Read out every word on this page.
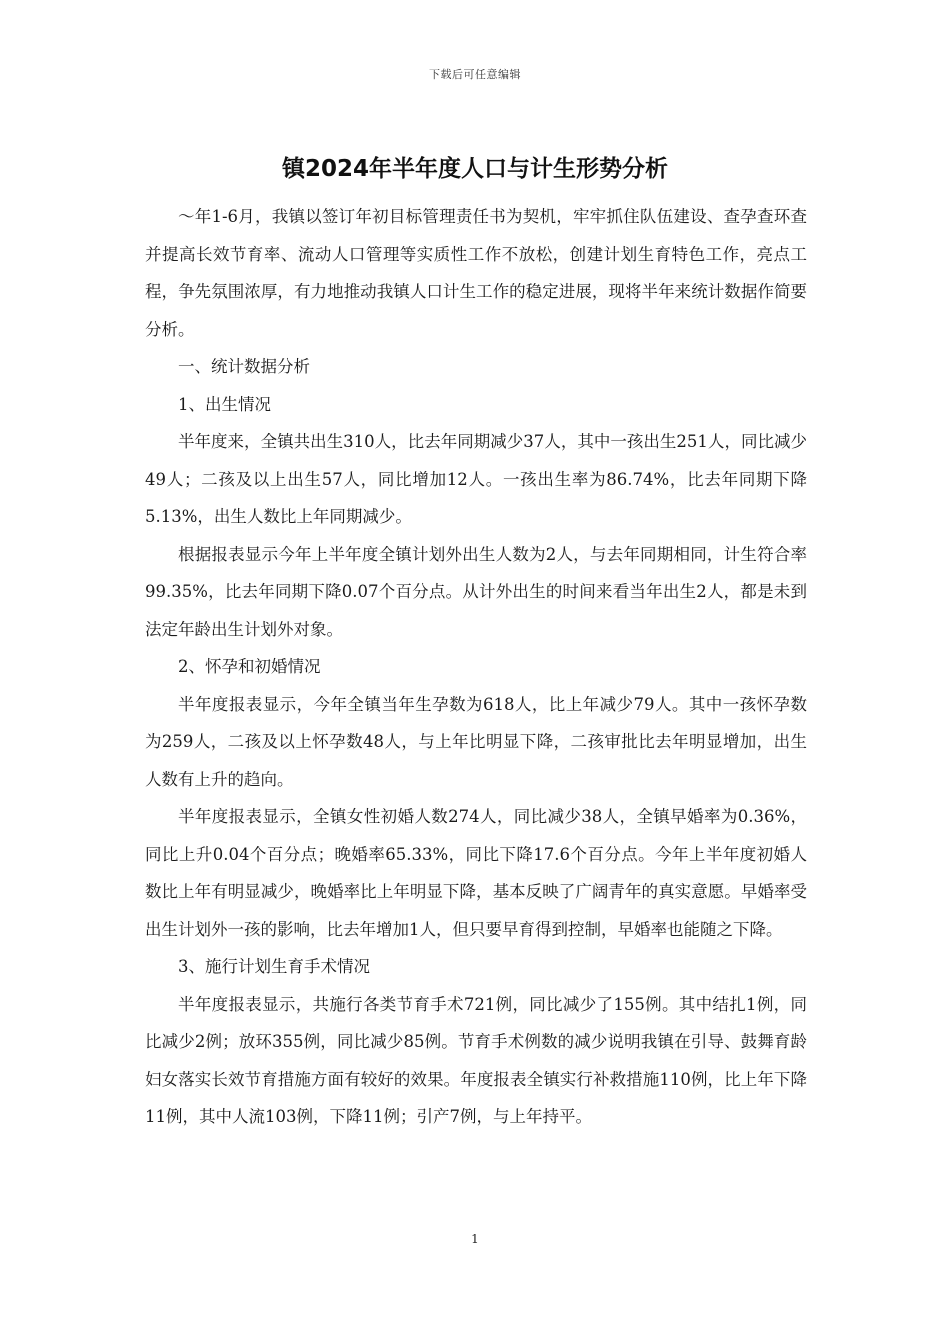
下载后可任意编辑
镇2024年半年度人口与计生形势分析

～年1-6月，我镇以签订年初目标管理责任书为契机，牢牢抓住队伍建设、查孕查环查并提高长效节育率、流动人口管理等实质性工作不放松，创建计划生育特色工作，亮点工程，争先氛围浓厚，有力地推动我镇人口计生工作的稳定进展，现将半年来统计数据作简要分析。

一、统计数据分析

1、出生情况

半年度来，全镇共出生310人，比去年同期减少37人，其中一孩出生251人，同比减少49人；二孩及以上出生57人，同比增加12人。一孩出生率为86.74%，比去年同期下降5.13%，出生人数比上年同期减少。

根据报表显示今年上半年度全镇计划外出生人数为2人，与去年同期相同，计生符合率99.35%，比去年同期下降0.07个百分点。从计外出生的时间来看当年出生2人，都是未到法定年龄出生计划外对象。

2、怀孕和初婚情况

半年度报表显示，今年全镇当年生孕数为618人，比上年减少79人。其中一孩怀孕数为259人，二孩及以上怀孕数48人，与上年比明显下降，二孩审批比去年明显增加，出生人数有上升的趋向。

半年度报表显示，全镇女性初婚人数274人，同比减少38人，全镇早婚率为0.36%，同比上升0.04个百分点；晚婚率65.33%，同比下降17.6个百分点。今年上半年度初婚人数比上年有明显减少，晚婚率比上年明显下降，基本反映了广阔青年的真实意愿。早婚率受出生计划外一孩的影响，比去年增加1人，但只要早育得到控制，早婚率也能随之下降。

3、施行计划生育手术情况

半年度报表显示，共施行各类节育手术721例，同比减少了155例。其中结扎1例，同比减少2例；放环355例，同比减少85例。节育手术例数的减少说明我镇在引导、鼓舞育龄妇女落实长效节育措施方面有较好的效果。年度报表全镇实行补救措施110例，比上年下降11例，其中人流103例，下降11例；引产7例，与上年持平。

1
